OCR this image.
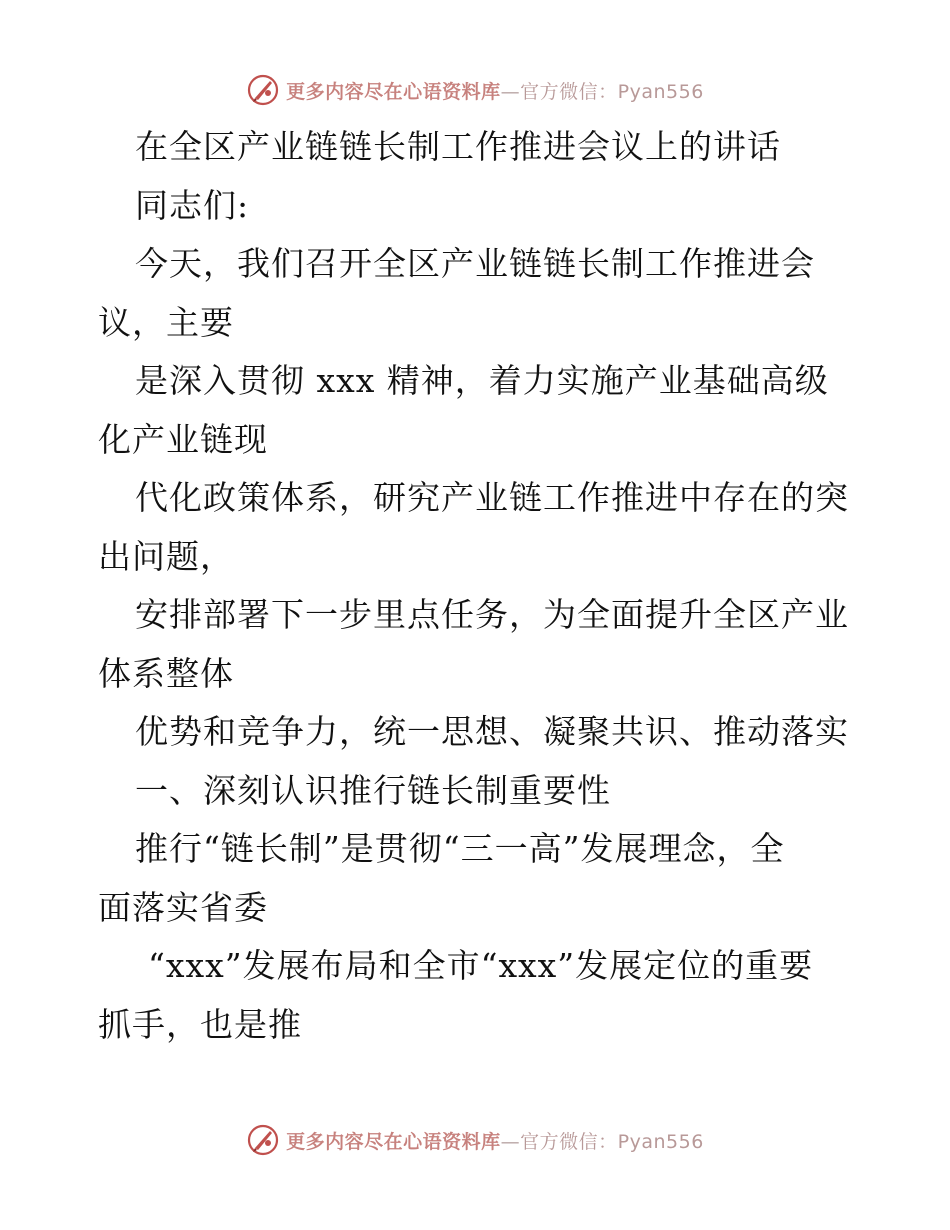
更多内容尽在心语资料库—官方微信：Pyan556
在全区产业链链长制工作推进会议上的讲话
同志们:
今天，我们召开全区产业链链长制工作推进会
议，主要
是深入贯彻 xxx 精神，着力实施产业基础高级
化产业链现
代化政策体系，研究产业链工作推进中存在的突
出问题，
安排部署下一步里点任务，为全面提升全区产业
体系整体
优势和竞争力，统一思想、凝聚共识、推动落实
一、深刻认识推行链长制重要性
推行“链长制”是贯彻“三一高”发展理念，全
面落实省委
“xxx”发展布局和全市“xxx”发展定位的重要
抓手，也是推
更多内容尽在心语资料库—官方微信：Pyan556
